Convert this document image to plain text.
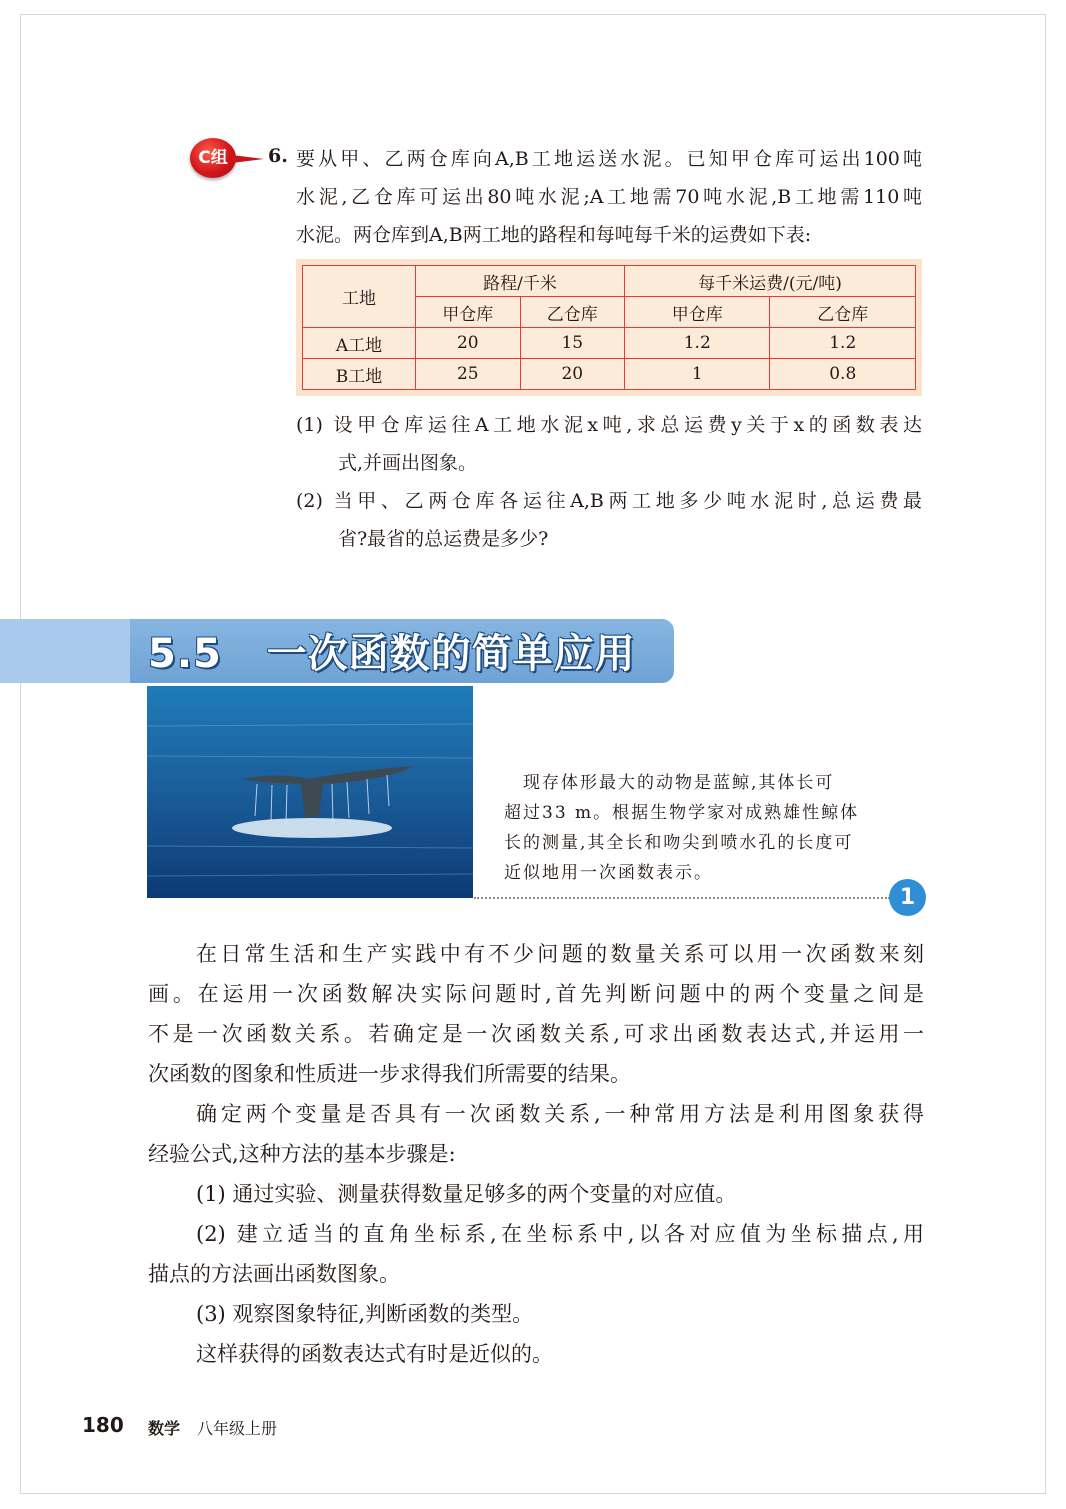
C组	6. 要从甲、乙两仓库向A,B工地运送水泥。已知甲仓库可运出100吨
水泥,乙仓库可运出80吨水泥;A工地需70吨水泥,B工地需110吨
水泥。两仓库到A,B两工地的路程和每吨每千米的运费如下表:
工地	路程/千米		每千米运费/(元/吨)	
	甲仓库	乙仓库	甲仓库	乙仓库
A工地	20	15	1.2	1.2
B工地	25	20	1	0.8
(1) 设甲仓库运往A工地水泥x吨,求总运费y关于x的函数表达
式,并画出图象。
(2) 当甲、乙两仓库各运往A,B两工地多少吨水泥时,总运费最
省?最省的总运费是多少?
5.5   一次函数的简单应用
　现存体形最大的动物是蓝鲸,其体长可
超过33 m。根据生物学家对成熟雄性鲸体
长的测量,其全长和吻尖到喷水孔的长度可
近似地用一次函数表示。
1
在日常生活和生产实践中有不少问题的数量关系可以用一次函数来刻
画。在运用一次函数解决实际问题时,首先判断问题中的两个变量之间是
不是一次函数关系。若确定是一次函数关系,可求出函数表达式,并运用一
次函数的图象和性质进一步求得我们所需要的结果。
确定两个变量是否具有一次函数关系,一种常用方法是利用图象获得
经验公式,这种方法的基本步骤是:
(1) 通过实验、测量获得数量足够多的两个变量的对应值。
(2) 建立适当的直角坐标系,在坐标系中,以各对应值为坐标描点,用
描点的方法画出函数图象。
(3) 观察图象特征,判断函数的类型。
这样获得的函数表达式有时是近似的。
180 数学 八年级上册
